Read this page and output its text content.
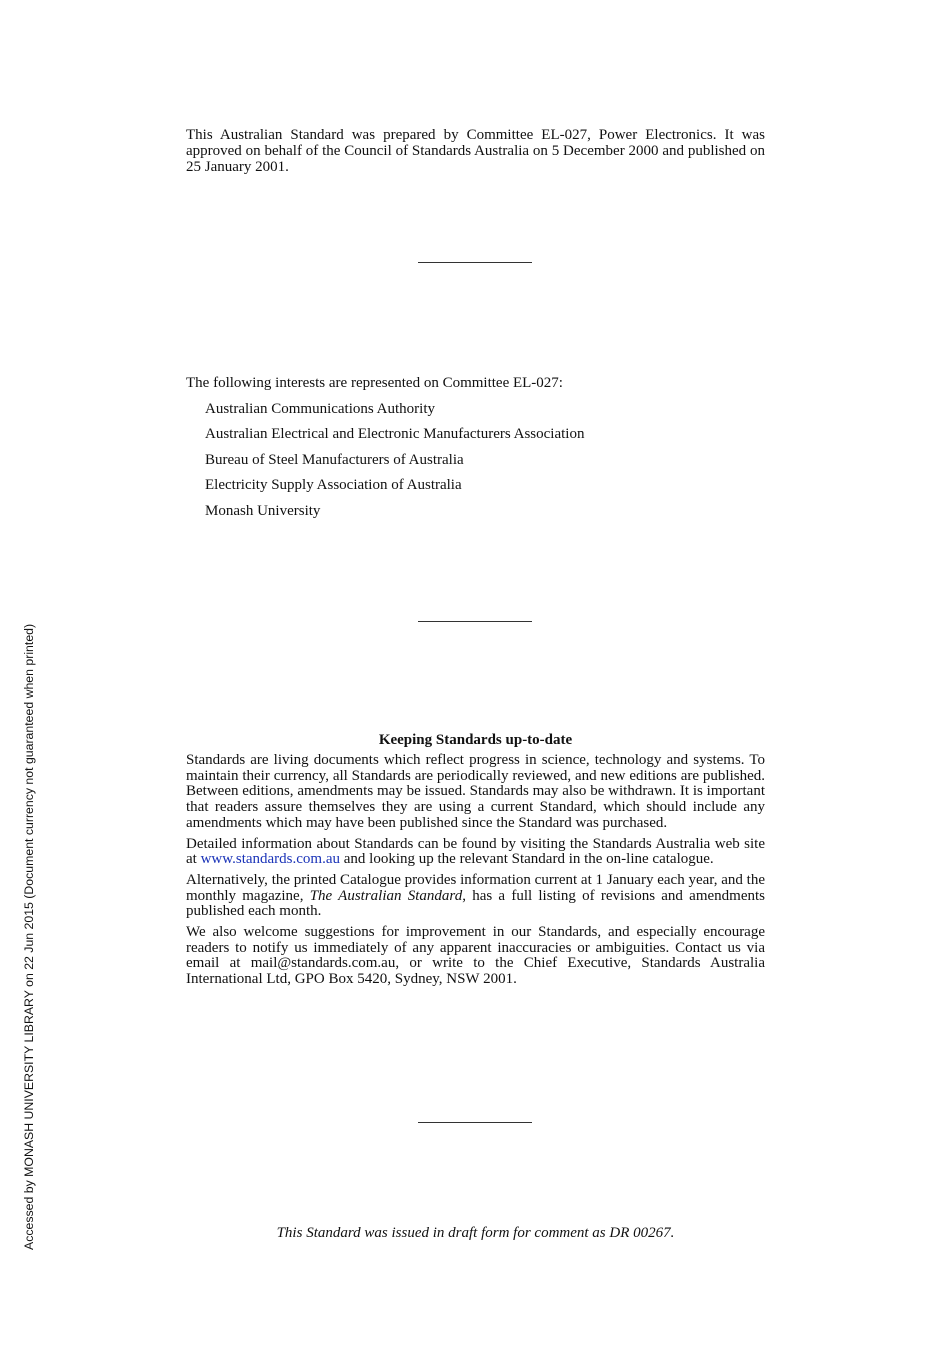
This Australian Standard was prepared by Committee EL-027, Power Electronics. It was approved on behalf of the Council of Standards Australia on 5 December 2000 and published on 25 January 2001.

The following interests are represented on Committee EL-027:

Australian Communications Authority
Australian Electrical and Electronic Manufacturers Association
Bureau of Steel Manufacturers of Australia
Electricity Supply Association of Australia
Monash University
Keeping Standards up-to-date

Standards are living documents which reflect progress in science, technology and systems. To maintain their currency, all Standards are periodically reviewed, and new editions are published. Between editions, amendments may be issued. Standards may also be withdrawn. It is important that readers assure themselves they are using a current Standard, which should include any amendments which may have been published since the Standard was purchased.

Detailed information about Standards can be found by visiting the Standards Australia web site at www.standards.com.au and looking up the relevant Standard in the on-line catalogue.

Alternatively, the printed Catalogue provides information current at 1 January each year, and the monthly magazine, The Australian Standard, has a full listing of revisions and amendments published each month.

We also welcome suggestions for improvement in our Standards, and especially encourage readers to notify us immediately of any apparent inaccuracies or ambiguities. Contact us via email at mail@standards.com.au, or write to the Chief Executive, Standards Australia International Ltd, GPO Box 5420, Sydney, NSW 2001.

This Standard was issued in draft form for comment as DR 00267.
Accessed by MONASH UNIVERSITY LIBRARY on 22 Jun 2015 (Document currency not guaranteed when printed)
